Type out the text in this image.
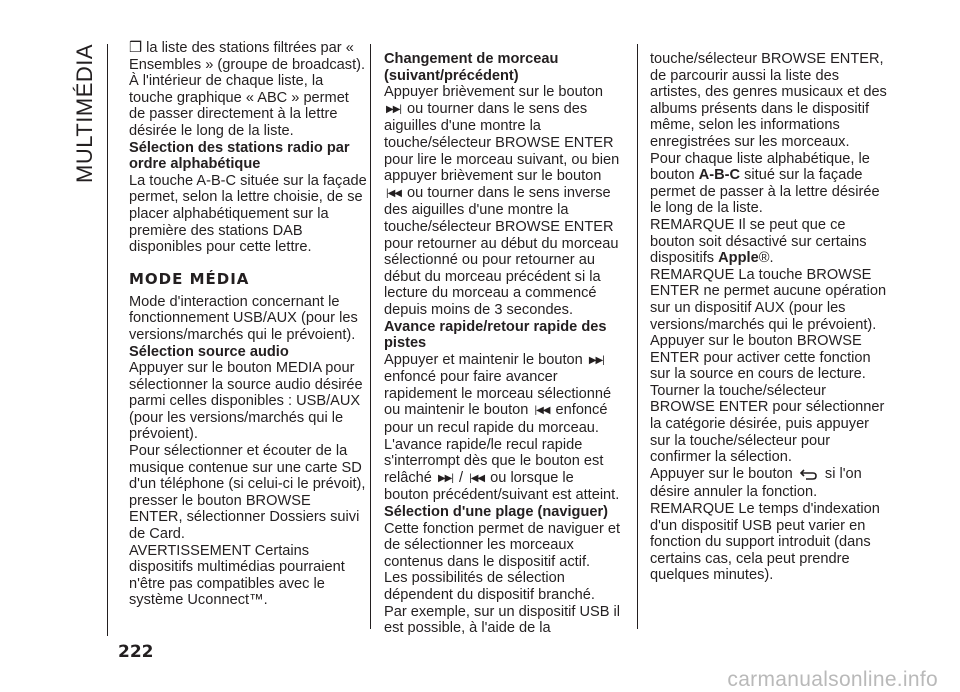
MULTIMÉDIA ❒ la liste des stations filtrées par « Ensembles » (groupe de broadcast). À l'intérieur de chaque liste, la touche graphique « ABC » permet de passer directement à la lettre désirée le long de la liste.

Sélection des stations radio par ordre alphabétique

La touche A-B-C située sur la façade permet, selon la lettre choisie, de se placer alphabétiquement sur la première des stations DAB disponibles pour cette lettre.

MODE MÉDIA

Mode d'interaction concernant le fonctionnement USB/AUX (pour les versions/marchés qui le prévoient).

Sélection source audio

Appuyer sur le bouton MEDIA pour sélectionner la source audio désirée parmi celles disponibles : USB/AUX (pour les versions/marchés qui le prévoient).

Pour sélectionner et écouter de la musique contenue sur une carte SD d'un téléphone (si celui-ci le prévoit), presser le bouton BROWSE ENTER, sélectionner Dossiers suivi de Card.

AVERTISSEMENT Certains dispositifs multimédias pourraient n'être pas compatibles avec le système Uconnect™.

Changement de morceau (suivant/précédent)

Appuyer brièvement sur le bouton ▶▶| ou tourner dans le sens des aiguilles d'une montre la touche/sélecteur BROWSE ENTER pour lire le morceau suivant, ou bien appuyer brièvement sur le bouton |◀◀ ou tourner dans le sens inverse des aiguilles d'une montre la touche/sélecteur BROWSE ENTER pour retourner au début du morceau sélectionné ou pour retourner au début du morceau précédent si la lecture du morceau a commencé depuis moins de 3 secondes.

Avance rapide/retour rapide des pistes

Appuyer et maintenir le bouton ▶▶| enfoncé pour faire avancer rapidement le morceau sélectionné ou maintenir le bouton |◀◀ enfoncé pour un recul rapide du morceau.

L'avance rapide/le recul rapide s'interrompt dès que le bouton est relâché ▶▶| / |◀◀ ou lorsque le bouton précédent/suivant est atteint.

Sélection d'une plage (naviguer)

Cette fonction permet de naviguer et de sélectionner les morceaux contenus dans le dispositif actif.

Les possibilités de sélection dépendent du dispositif branché.

Par exemple, sur un dispositif USB il est possible, à l'aide de la

touche/sélecteur BROWSE ENTER, de parcourir aussi la liste des artistes, des genres musicaux et des albums présents dans le dispositif même, selon les informations enregistrées sur les morceaux.

Pour chaque liste alphabétique, le bouton A-B-C situé sur la façade permet de passer à la lettre désirée le long de la liste.

REMARQUE Il se peut que ce bouton soit désactivé sur certains dispositifs Apple®.

REMARQUE La touche BROWSE ENTER ne permet aucune opération sur un dispositif AUX (pour les versions/marchés qui le prévoient).

Appuyer sur le bouton BROWSE ENTER pour activer cette fonction sur la source en cours de lecture.

Tourner la touche/sélecteur BROWSE ENTER pour sélectionner la catégorie désirée, puis appuyer sur la touche/sélecteur pour confirmer la sélection.

Appuyer sur le bouton si l'on désire annuler la fonction.

REMARQUE Le temps d'indexation d'un dispositif USB peut varier en fonction du support introduit (dans certains cas, cela peut prendre quelques minutes).

222
carmanualsonline.info
